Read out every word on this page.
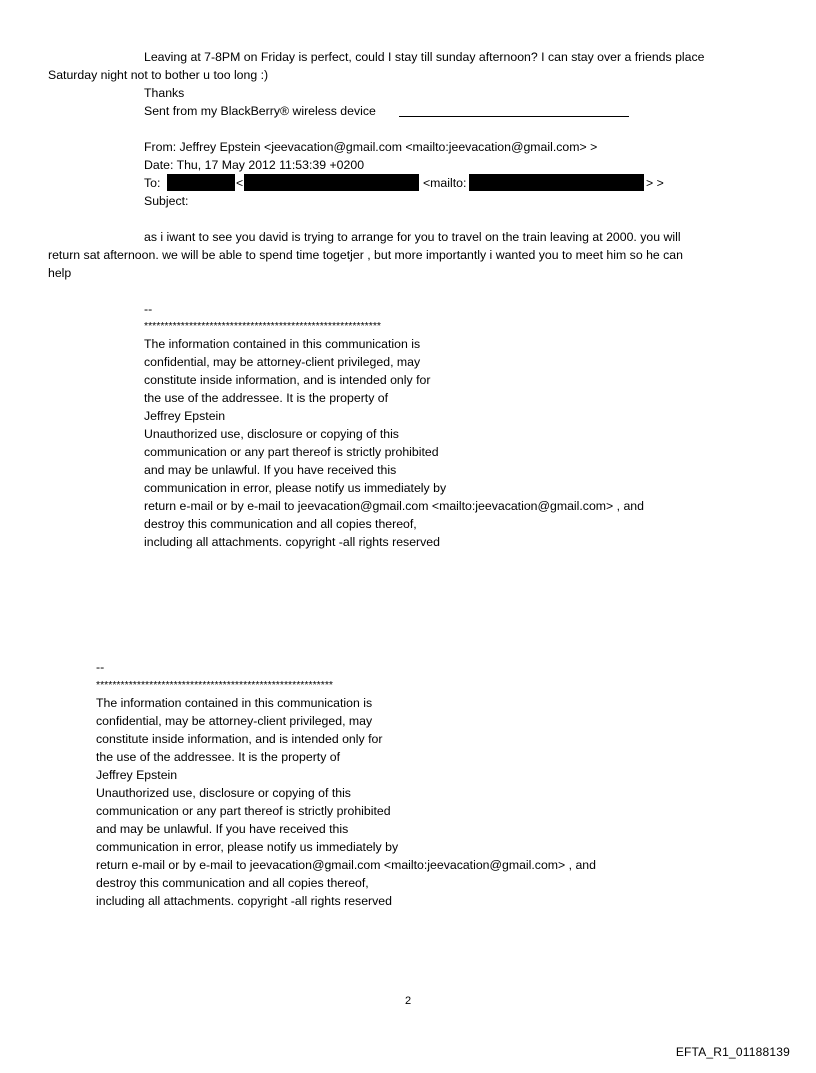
Leaving at 7-8PM on Friday is perfect, could I stay till sunday afternoon? I can stay over a friends place
Saturday night not to bother u too long :)
Thanks
Sent from my BlackBerry® wireless device
From: Jeffrey Epstein <jeevacation@gmail.com <mailto:jeevacation@gmail.com> >
Date: Thu, 17 May 2012 11:53:39 +0200
To:	<	<mailto:	> >
Subject:
as i iwant to see you david is trying to arrange for you to travel on the train leaving at 2000. you will
return sat afternoon. we will be able to spend time togetjer , but more importantly i wanted you to meet him so he can
help
--
**********************************************************
The information contained in this communication is
confidential, may be attorney-client privileged, may
constitute inside information, and is intended only for
the use of the addressee. It is the property of
Jeffrey Epstein
Unauthorized use, disclosure or copying of this
communication or any part thereof is strictly prohibited
and may be unlawful. If you have received this
communication in error, please notify us immediately by
return e-mail or by e-mail to jeevacation@gmail.com <mailto:jeevacation@gmail.com> , and
destroy this communication and all copies thereof,
including all attachments. copyright -all rights reserved
--
**********************************************************
The information contained in this communication is
confidential, may be attorney-client privileged, may
constitute inside information, and is intended only for
the use of the addressee. It is the property of
Jeffrey Epstein
Unauthorized use, disclosure or copying of this
communication or any part thereof is strictly prohibited
and may be unlawful. If you have received this
communication in error, please notify us immediately by
return e-mail or by e-mail to jeevacation@gmail.com <mailto:jeevacation@gmail.com> , and
destroy this communication and all copies thereof,
including all attachments. copyright -all rights reserved
2
EFTA_R1_01188139
